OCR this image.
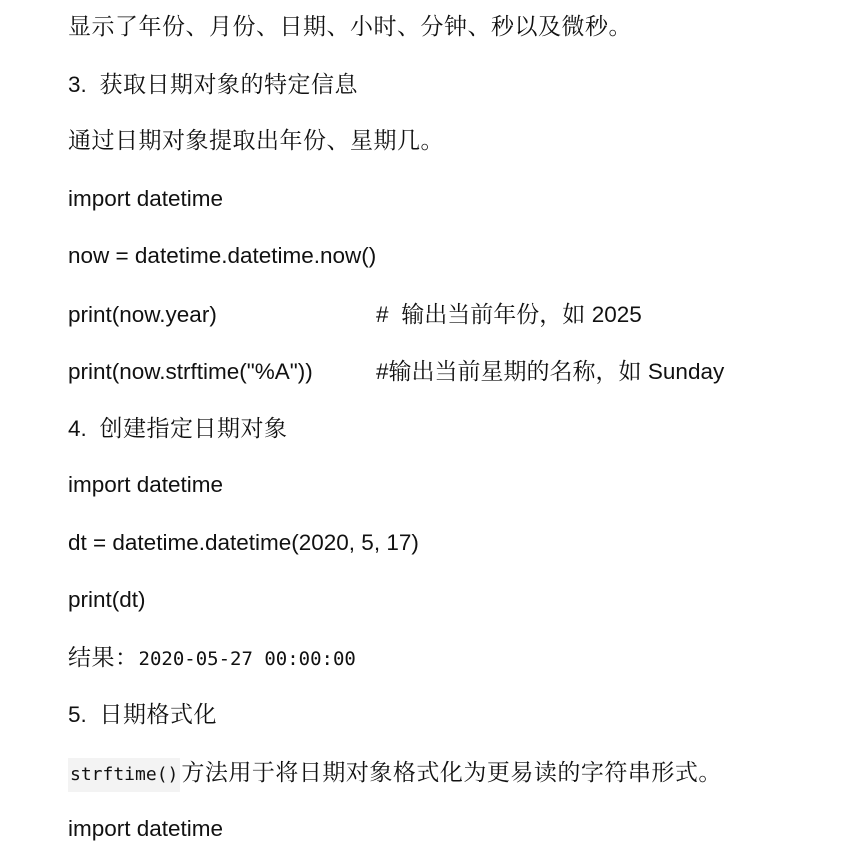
显示了年份、月份、日期、小时、分钟、秒以及微秒。
3. 获取日期对象的特定信息
通过日期对象提取出年份、星期几。
import datetime
now = datetime.datetime.now()
print(now.year)	# 输出当前年份，如 2025
print(now.strftime("%A"))	#输出当前星期的名称，如 Sunday
4. 创建指定日期对象
import datetime
dt = datetime.datetime(2020, 5, 17)
print(dt)
结果：2020-05-27 00:00:00
5. 日期格式化
strftime() 方法用于将日期对象格式化为更易读的字符串形式。
import datetime
